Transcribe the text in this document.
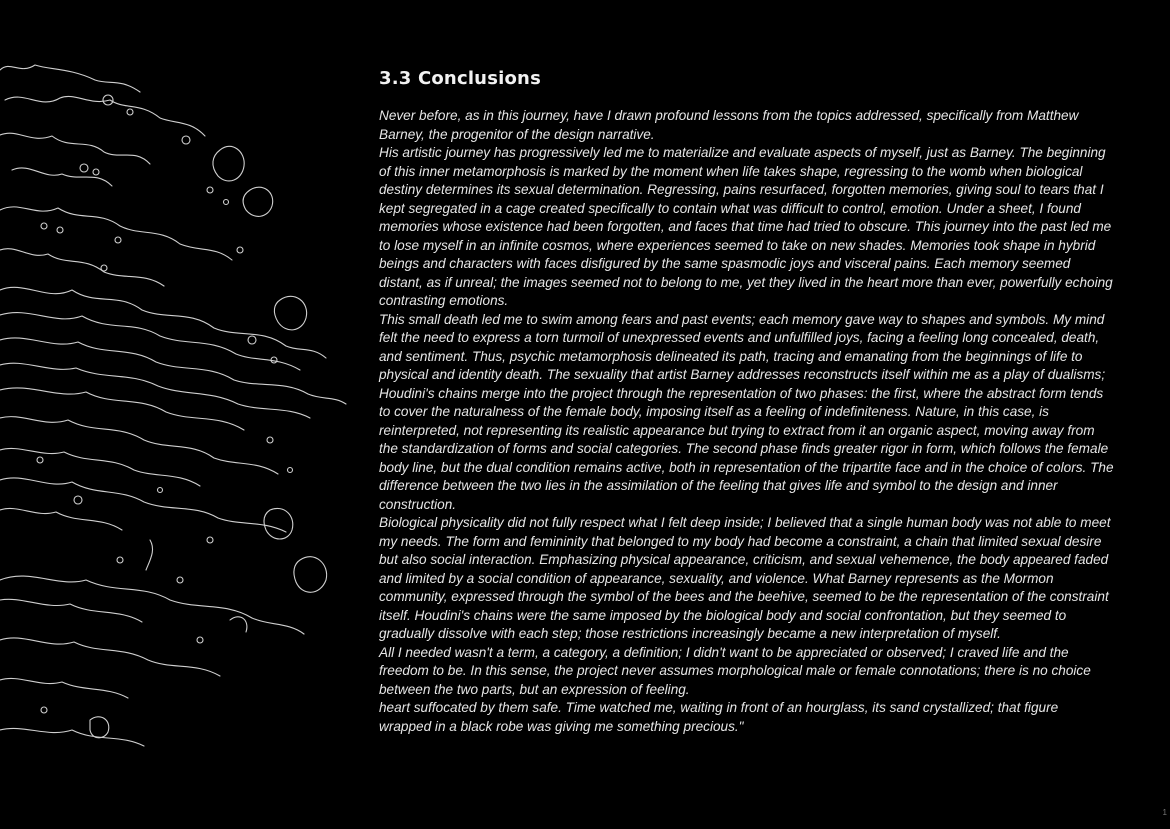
3.3 Conclusions

Never before, as in this journey, have I drawn profound lessons from the topics addressed, specifically from Matthew Barney, the progenitor of the design narrative.

His artistic journey has progressively led me to materialize and evaluate aspects of myself, just as Barney. The beginning of this inner metamorphosis is marked by the moment when life takes shape, regressing to the womb when biological destiny determines its sexual determination. Regressing, pains resurfaced, forgotten memories, giving soul to tears that I kept segregated in a cage created specifically to contain what was difficult to control, emotion. Under a sheet, I found memories whose existence had been forgotten, and faces that time had tried to obscure. This journey into the past led me to lose myself in an infinite cosmos, where experiences seemed to take on new shades. Memories took shape in hybrid beings and characters with faces disfigured by the same spasmodic joys and visceral pains. Each memory seemed distant, as if unreal; the images seemed not to belong to me, yet they lived in the heart more than ever, powerfully echoing contrasting emotions.

This small death led me to swim among fears and past events; each memory gave way to shapes and symbols. My mind felt the need to express a torn turmoil of unexpressed events and unfulfilled joys, facing a feeling long concealed, death, and sentiment. Thus, psychic metamorphosis delineated its path, tracing and emanating from the beginnings of life to physical and identity death. The sexuality that artist Barney addresses reconstructs itself within me as a play of dualisms; Houdini's chains merge into the project through the representation of two phases: the first, where the abstract form tends to cover the naturalness of the female body, imposing itself as a feeling of indefiniteness. Nature, in this case, is reinterpreted, not representing its realistic appearance but trying to extract from it an organic aspect, moving away from the standardization of forms and social categories. The second phase finds greater rigor in form, which follows the female body line, but the dual condition remains active, both in representation of the tripartite face and in the choice of colors. The difference between the two lies in the assimilation of the feeling that gives life and symbol to the design and inner construction.

Biological physicality did not fully respect what I felt deep inside; I believed that a single human body was not able to meet my needs. The form and femininity that belonged to my body had become a constraint, a chain that limited sexual desire but also social interaction. Emphasizing physical appearance, criticism, and sexual vehemence, the body appeared faded and limited by a social condition of appearance, sexuality, and violence. What Barney represents as the Mormon community, expressed through the symbol of the bees and the beehive, seemed to be the representation of the constraint itself. Houdini's chains were the same imposed by the biological body and social confrontation, but they seemed to gradually dissolve with each step; those restrictions increasingly became a new interpretation of myself.

All I needed wasn't a term, a category, a definition; I didn't want to be appreciated or observed; I craved life and the freedom to be. In this sense, the project never assumes morphological male or female connotations; there is no choice between the two parts, but an expression of feeling.

heart suffocated by them safe. Time watched me, waiting in front of an hourglass, its sand crystallized; that figure wrapped in a black robe was giving me something precious."

1
